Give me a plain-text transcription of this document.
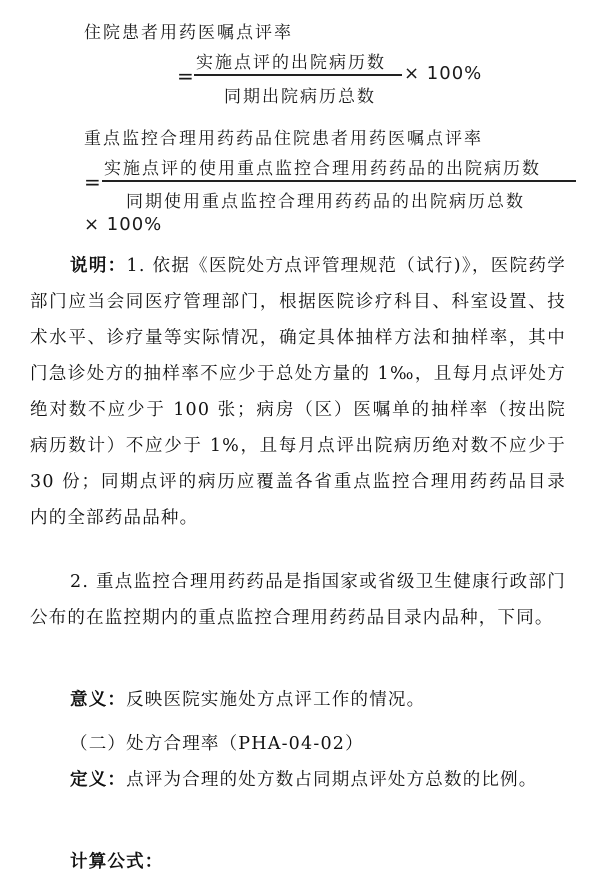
住院患者用药医嘱点评率
=
实施点评的出院病历数
同期出院病历总数
× 100%
重点监控合理用药药品住院患者用药医嘱点评率
=
实施点评的使用重点监控合理用药药品的出院病历数
同期使用重点监控合理用药药品的出院病历总数
× 100%
说明：1. 依据《医院处方点评管理规范（试行)》，医院药学部门应当会同医疗管理部门，根据医院诊疗科目、科室设置、技术水平、诊疗量等实际情况，确定具体抽样方法和抽样率，其中门急诊处方的抽样率不应少于总处方量的 1‰，且每月点评处方绝对数不应少于 100 张；病房（区）医嘱单的抽样率（按出院病历数计）不应少于 1%，且每月点评出院病历绝对数不应少于 30 份；同期点评的病历应覆盖各省重点监控合理用药药品目录内的全部药品品种。
2. 重点监控合理用药药品是指国家或省级卫生健康行政部门公布的在监控期内的重点监控合理用药药品目录内品种，下同。
意义：反映医院实施处方点评工作的情况。
（二）处方合理率（PHA-04-02）
定义：点评为合理的处方数占同期点评处方总数的比例。
计算公式：
